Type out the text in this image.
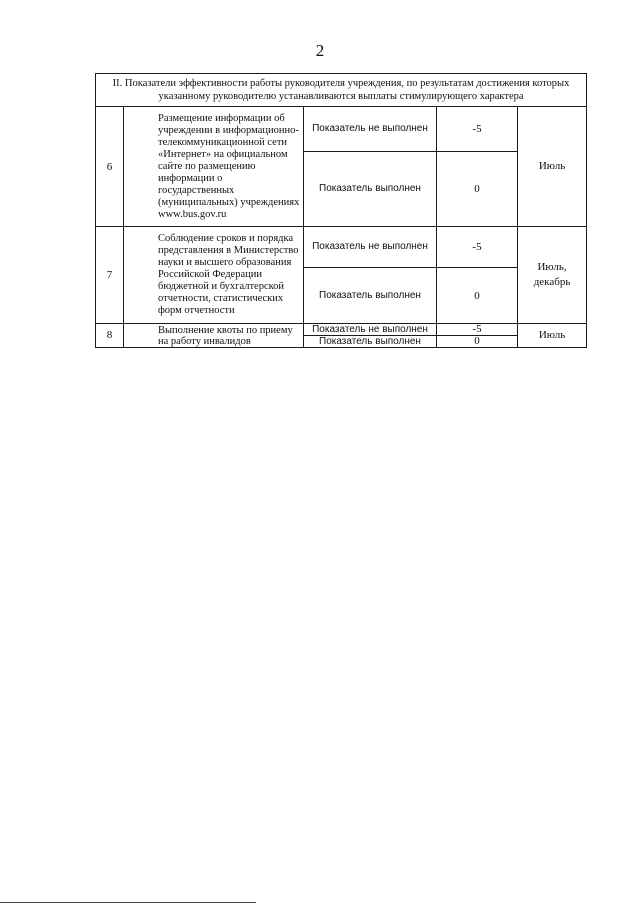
2
II. Показатели эффективности работы руководителя учреждения, по результатам достижения которых указанному руководителю устанавливаются выплаты стимулирующего характера				
6	Размещение информации об учреждении в информационно-телекоммуникационной сети «Интернет» на официальном сайте по размещению информации о государственных (муниципальных) учреждениях www.bus.gov.ru	Показатель не выполнен	-5	Июль
		Показатель выполнен	0	
7	Соблюдение сроков и порядка представления в Министерство науки и высшего образования Российской Федерации бюджетной и бухгалтерской отчетности, статистических форм отчетности	Показатель не выполнен	-5	Июль, декабрь
		Показатель выполнен	0	
8	Выполнение квоты по приему на работу инвалидов	Показатель не выполнен	-5	Июль
		Показатель выполнен	0	
